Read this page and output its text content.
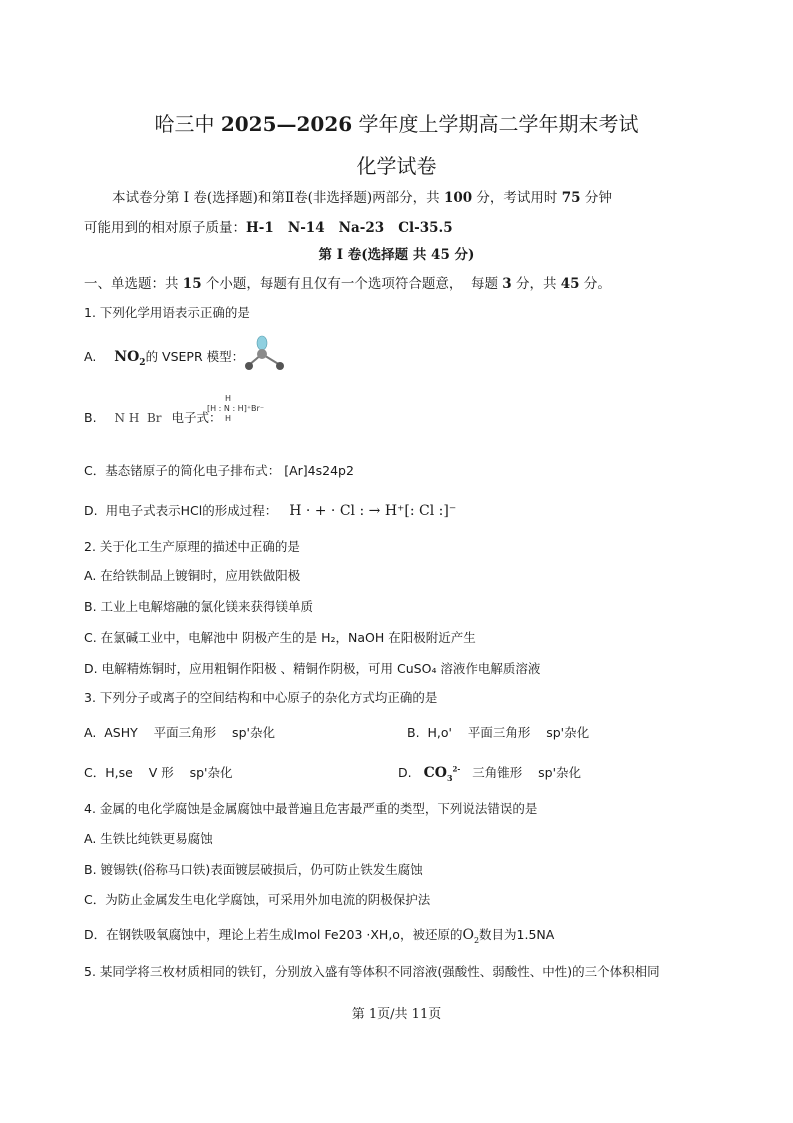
哈三中 2025—2026 学年度上学期高二学年期末考试
化学试卷
本试卷分第 Ⅰ 卷(选择题)和第Ⅱ卷(非选择题)两部分，共 100 分，考试用时 75 分钟
可能用到的相对原子质量：H-1   N-14   Na-23   Cl-35.5
第 Ⅰ 卷(选择题 共 45 分)
一、单选题：共 15 个小题，每题有且仅有一个选项符合题意，  每题 3 分，共 45 分。
1. 下列化学用语表示正确的是
A. $NO_2$的 VSEPR 模型：
B. N H  Br 电子式：
H
[H : N : H]⁺Br⁻
H
C．基态锗原子的简化电子排布式： [Ar]4s24p2
D. 用电子式表示HCl的形成过程： H · + · Cl : → H⁺[: Cl :]⁻
2. 关于化工生产原理的描述中正确的是
A. 在给铁制品上镀铜时，应用铁做阳极
B. 工业上电解熔融的氯化镁来获得镁单质
C. 在氯碱工业中，电解池中 阴极产生的是 H₂，NaOH 在阳极附近产生
D. 电解精炼铜时，应用粗铜作阳极 、精铜作阴极，可用 CuSO₄ 溶液作电解质溶液
3. 下列分子或离子的空间结构和中心原子的杂化方式均正确的是
A.  ASHY    平面三角形    sp'杂化	B.  H,o'    平面三角形    sp'杂化
C．H,se    V 形    sp'杂化	D. $CO_3^{2-}$ 三角锥形    sp'杂化
4. 金属的电化学腐蚀是金属腐蚀中最普遍且危害最严重的类型，下列说法错误的是
A. 生铁比纯铁更易腐蚀
B. 镀锡铁(俗称马口铁)表面镀层破损后，仍可防止铁发生腐蚀
C．为防止金属发生电化学腐蚀，可采用外加电流的阴极保护法
D．在钢铁吸氧腐蚀中，理论上若生成lmol Fe203 ·XH,o，被还原的$O_2$数目为1.5NA
5. 某同学将三枚材质相同的铁钉，分别放入盛有等体积不同溶液(强酸性、弱酸性、中性)的三个体积相同
第 1页/共 11页
